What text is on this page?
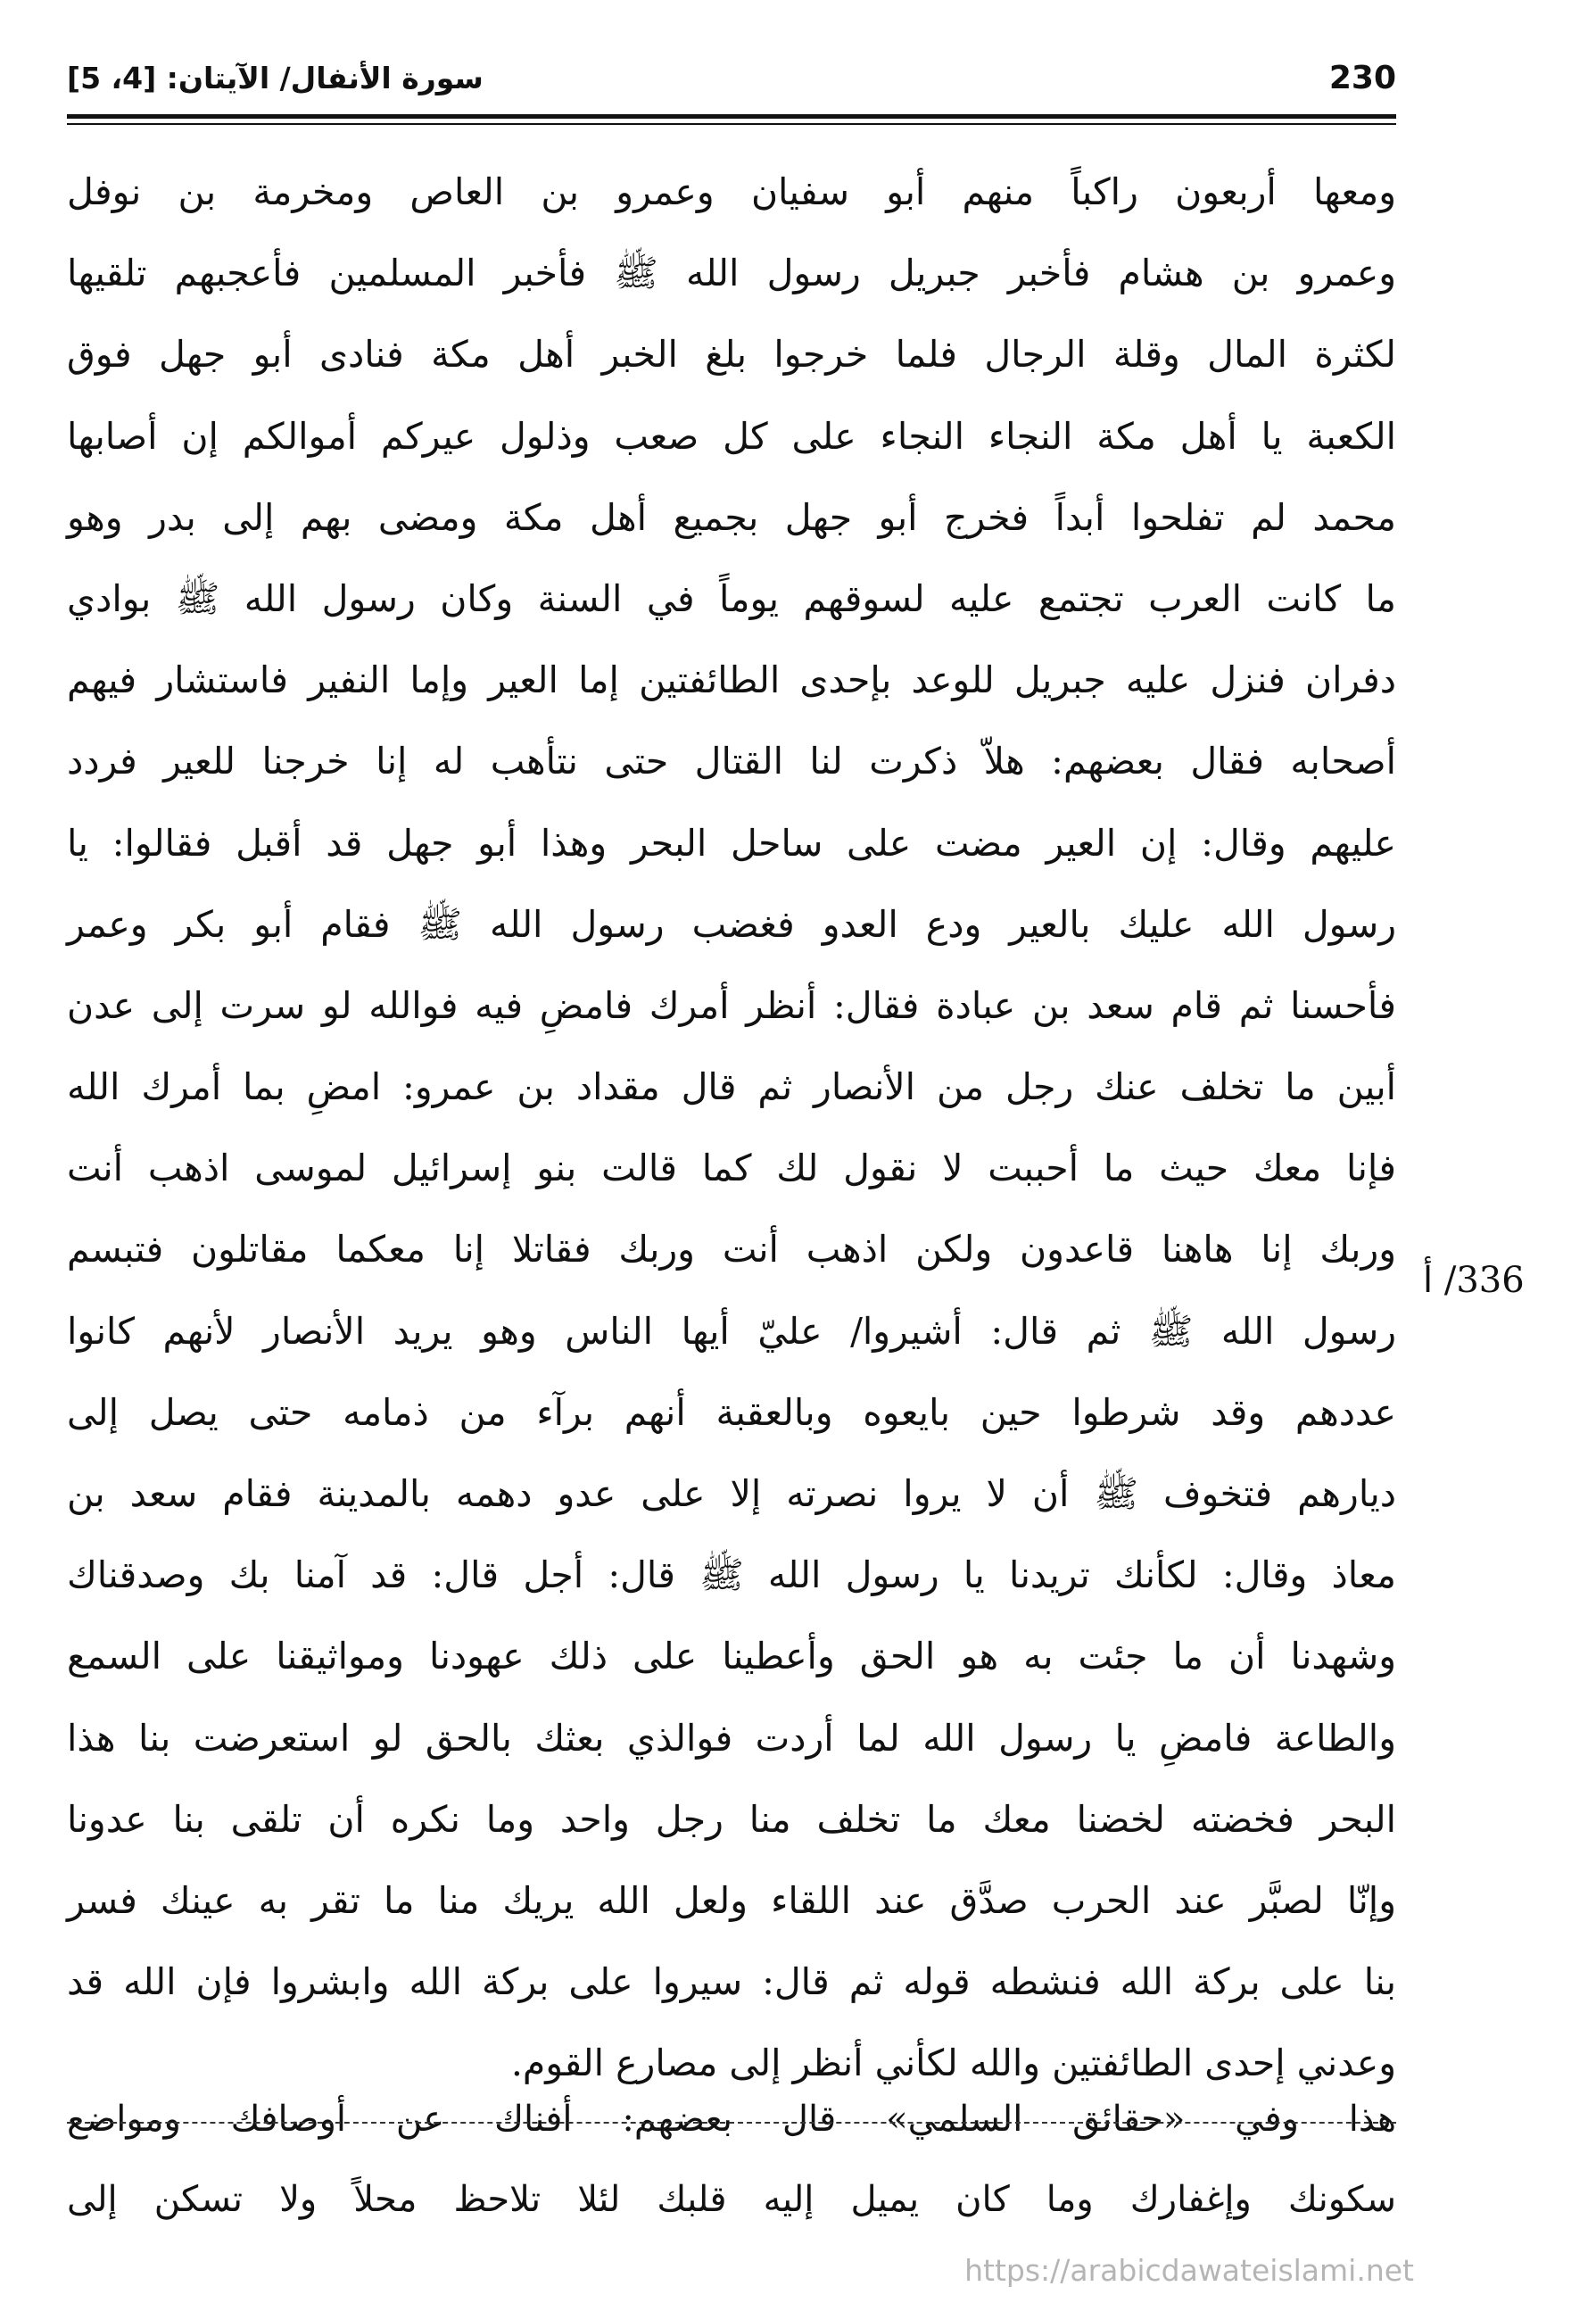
230
سورة الأنفال/ الآيتان: [4، 5]
ومعها أربعون راكباً منهم أبو سفيان وعمرو بن العاص ومخرمة بن نوفل
وعمرو بن هشام فأخبر جبريل رسول الله ﷺ فأخبر المسلمين فأعجبهم تلقيها
لكثرة المال وقلة الرجال فلما خرجوا بلغ الخبر أهل مكة فنادى أبو جهل فوق
الكعبة يا أهل مكة النجاء النجاء على كل صعب وذلول عيركم أموالكم إن أصابها
محمد لم تفلحوا أبداً فخرج أبو جهل بجميع أهل مكة ومضى بهم إلى بدر وهو
ما كانت العرب تجتمع عليه لسوقهم يوماً في السنة وكان رسول الله ﷺ بوادي
دفران فنزل عليه جبريل للوعد بإحدى الطائفتين إما العير وإما النفير فاستشار فيهم
أصحابه فقال بعضهم: هلاّ ذكرت لنا القتال حتى نتأهب له إنا خرجنا للعير فردد
عليهم وقال: إن العير مضت على ساحل البحر وهذا أبو جهل قد أقبل فقالوا: يا
رسول الله عليك بالعير ودع العدو فغضب رسول الله ﷺ فقام أبو بكر وعمر
فأحسنا ثم قام سعد بن عبادة فقال: أنظر أمرك فامضِ فيه فوالله لو سرت إلى عدن
أبين ما تخلف عنك رجل من الأنصار ثم قال مقداد بن عمرو: امضِ بما أمرك الله
فإنا معك حيث ما أحببت لا نقول لك كما قالت بنو إسرائيل لموسى اذهب أنت
وربك إنا هاهنا قاعدون ولكن اذهب أنت وربك فقاتلا إنا معكما مقاتلون فتبسم
رسول الله ﷺ ثم قال: أشيروا/ عليّ أيها الناس وهو يريد الأنصار لأنهم كانوا
عددهم وقد شرطوا حين بايعوه وبالعقبة أنهم برآء من ذمامه حتى يصل إلى
ديارهم فتخوف ﷺ أن لا يروا نصرته إلا على عدو دهمه بالمدينة فقام سعد بن
معاذ وقال: لكأنك تريدنا يا رسول الله ﷺ قال: أجل قال: قد آمنا بك وصدقناك
وشهدنا أن ما جئت به هو الحق وأعطينا على ذلك عهودنا ومواثيقنا على السمع
والطاعة فامضِ يا رسول الله لما أردت فوالذي بعثك بالحق لو استعرضت بنا هذا
البحر فخضته لخضنا معك ما تخلف منا رجل واحد وما نكره أن تلقى بنا عدونا
وإنّا لصبَّر عند الحرب صدَّق عند اللقاء ولعل الله يريك منا ما تقر به عينك فسر
بنا على بركة الله فنشطه قوله ثم قال: سيروا على بركة الله وابشروا فإن الله قد
وعدني إحدى الطائفتين والله لكأني أنظر إلى مصارع القوم.
336/ أ
هذا وفي «حقائق السلمي» قال بعضهم: أفناك عن أوصافك ومواضع
سكونك وإغفارك وما كان يميل إليه قلبك لئلا تلاحظ محلاً ولا تسكن إلى
https://arabicdawateislami.net
